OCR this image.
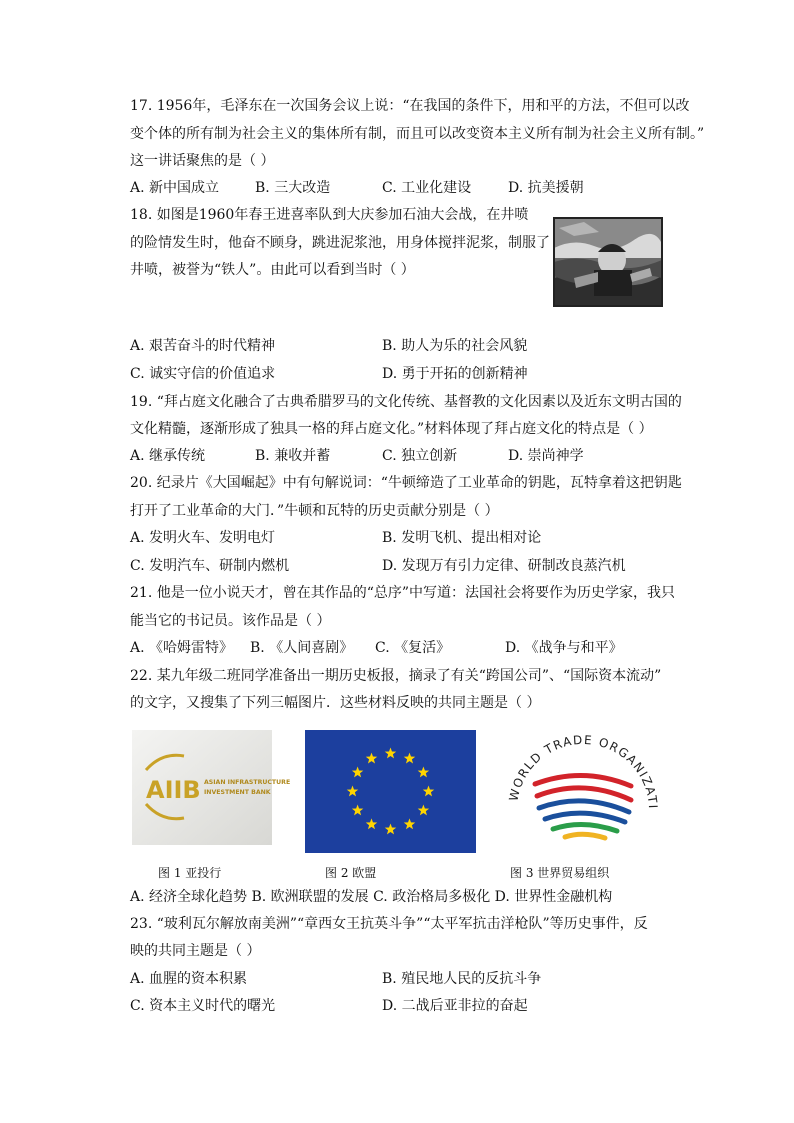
17. 1956年，毛泽东在一次国务会议上说：“在我国的条件下，用和平的方法，不但可以改
变个体的所有制为社会主义的集体所有制，而且可以改变资本主义所有制为社会主义所有制。”
这一讲话聚焦的是（ ）
A. 新中国成立	B. 三大改造	C. 工业化建设	D. 抗美援朝
18. 如图是1960年春王进喜率队到大庆参加石油大会战，在井喷
的险情发生时，他奋不顾身，跳进泥浆池，用身体搅拌泥浆，制服了
井喷，被誉为“铁人”。由此可以看到当时（ ）
A. 艰苦奋斗的时代精神	B. 助人为乐的社会风貌
C. 诚实守信的价值追求	D. 勇于开拓的创新精神
19. “拜占庭文化融合了古典希腊罗马的文化传统、基督教的文化因素以及近东文明古国的
文化精髓，逐渐形成了独具一格的拜占庭文化。”材料体现了拜占庭文化的特点是（ ）
A. 继承传统	B. 兼收并蓄	C. 独立创新	D. 崇尚神学
20. 纪录片《大国崛起》中有句解说词：“牛顿缔造了工业革命的钥匙，瓦特拿着这把钥匙
打开了工业革命的大门．”牛顿和瓦特的历史贡献分别是（ ）
A. 发明火车、发明电灯	B. 发明飞机、提出相对论
C. 发明汽车、研制内燃机	D. 发现万有引力定律、研制改良蒸汽机
21. 他是一位小说天才，曾在其作品的“总序”中写道：法国社会将要作为历史学家，我只
能当它的书记员。该作品是（ ）
A. 《哈姆雷特》 B. 《人间喜剧》 C. 《复活》	D. 《战争与和平》
22. 某九年级二班同学准备出一期历史板报，摘录了有关“跨国公司”、“国际资本流动”
的文字，又搜集了下列三幅图片．这些材料反映的共同主题是（ ）
AIIB ASIAN INFRASTRUCTURE
INVESTMENT BANK	WORLD TRADE ORGANIZATI
图 1 亚投行	图 2 欧盟	图 3 世界贸易组织
A. 经济全球化趋势 B. 欧洲联盟的发展 C. 政治格局多极化 D. 世界性金融机构
23. “玻利瓦尔解放南美洲”“章西女王抗英斗争”“太平军抗击洋枪队”等历史事件，反
映的共同主题是（ ）
A. 血腥的资本积累	B. 殖民地人民的反抗斗争
C. 资本主义时代的曙光	D. 二战后亚非拉的奋起
